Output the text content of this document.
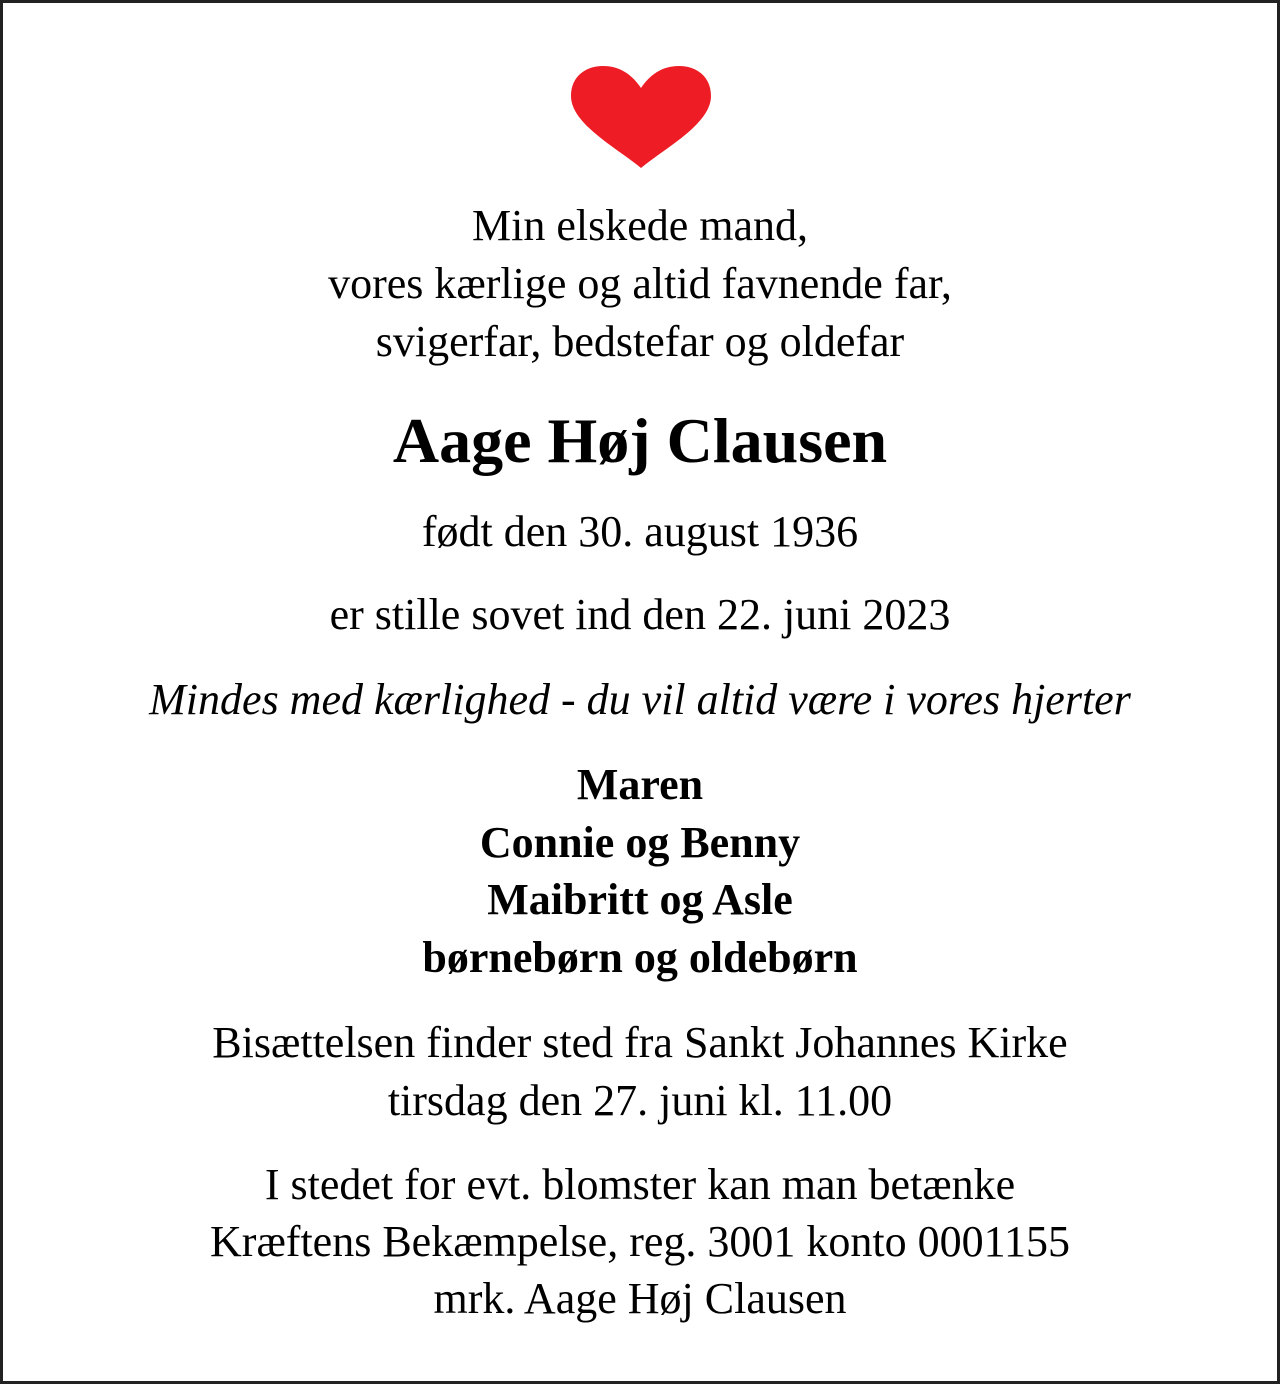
Min elskede mand,
vores kærlige og altid favnende far,
svigerfar, bedstefar og oldefar
Aage Høj Clausen
født den 30. august 1936
er stille sovet ind den 22. juni 2023
Mindes med kærlighed - du vil altid være i vores hjerter
Maren
Connie og Benny
Maibritt og Asle
børnebørn og oldebørn
Bisættelsen finder sted fra Sankt Johannes Kirke
tirsdag den 27. juni kl. 11.00
I stedet for evt. blomster kan man betænke
Kræftens Bekæmpelse, reg. 3001 konto 0001155
mrk. Aage Høj Clausen
